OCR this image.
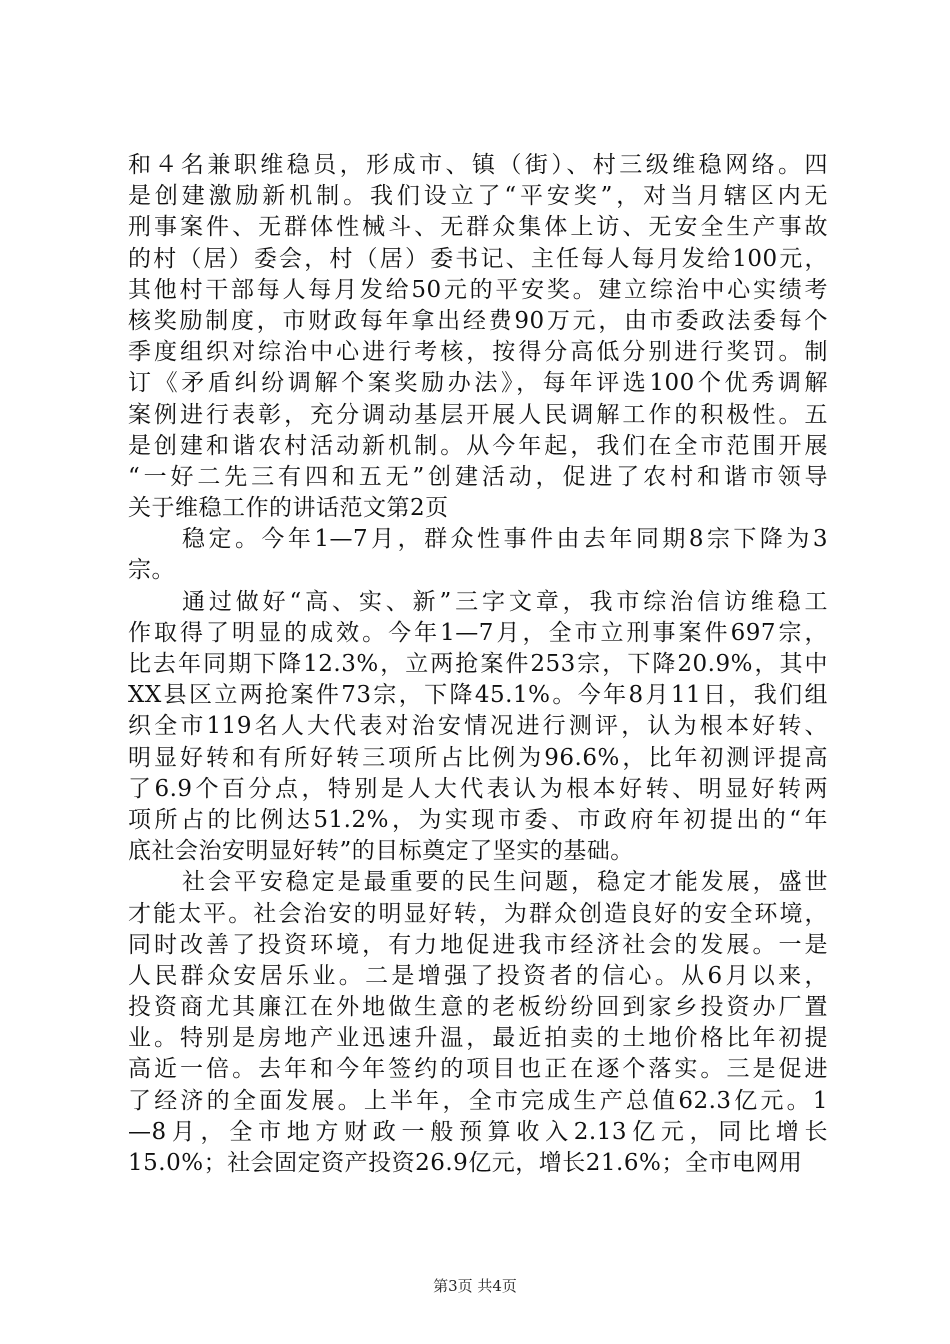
和４名兼职维稳员，形成市、镇（街）、村三级维稳网络。四
是创建激励新机制。我们设立了“平安奖”，对当月辖区内无
刑事案件、无群体性械斗、无群众集体上访、无安全生产事故
的村（居）委会，村（居）委书记、主任每人每月发给100元，
其他村干部每人每月发给50元的平安奖。建立综治中心实绩考
核奖励制度，市财政每年拿出经费90万元，由市委政法委每个
季度组织对综治中心进行考核，按得分高低分别进行奖罚。制
订《矛盾纠纷调解个案奖励办法》，每年评选100个优秀调解
案例进行表彰，充分调动基层开展人民调解工作的积极性。五
是创建和谐农村活动新机制。从今年起，我们在全市范围开展
“一好二先三有四和五无”创建活动，促进了农村和谐市领导
关于维稳工作的讲话范文第2页
稳定。今年1—7月，群众性事件由去年同期8宗下降为3
宗。
通过做好“高、实、新”三字文章，我市综治信访维稳工
作取得了明显的成效。今年1—7月，全市立刑事案件697宗，
比去年同期下降12.3%，立两抢案件253宗，下降20.9%，其中
XX县区立两抢案件73宗，下降45.1%。今年8月11日，我们组
织全市119名人大代表对治安情况进行测评，认为根本好转、
明显好转和有所好转三项所占比例为96.6%，比年初测评提高
了6.9个百分点，特别是人大代表认为根本好转、明显好转两
项所占的比例达51.2%，为实现市委、市政府年初提出的“年
底社会治安明显好转”的目标奠定了坚实的基础。
社会平安稳定是最重要的民生问题，稳定才能发展，盛世
才能太平。社会治安的明显好转，为群众创造良好的安全环境，
同时改善了投资环境，有力地促进我市经济社会的发展。一是
人民群众安居乐业。二是增强了投资者的信心。从6月以来，
投资商尤其廉江在外地做生意的老板纷纷回到家乡投资办厂置
业。特别是房地产业迅速升温，最近拍卖的土地价格比年初提
高近一倍。去年和今年签约的项目也正在逐个落实。三是促进
了经济的全面发展。上半年，全市完成生产总值62.3亿元。1
—8月，全市地方财政一般预算收入2.13亿元，同比增长
15.0%；社会固定资产投资26.9亿元，增长21.6%；全市电网用
第3页 共4页
